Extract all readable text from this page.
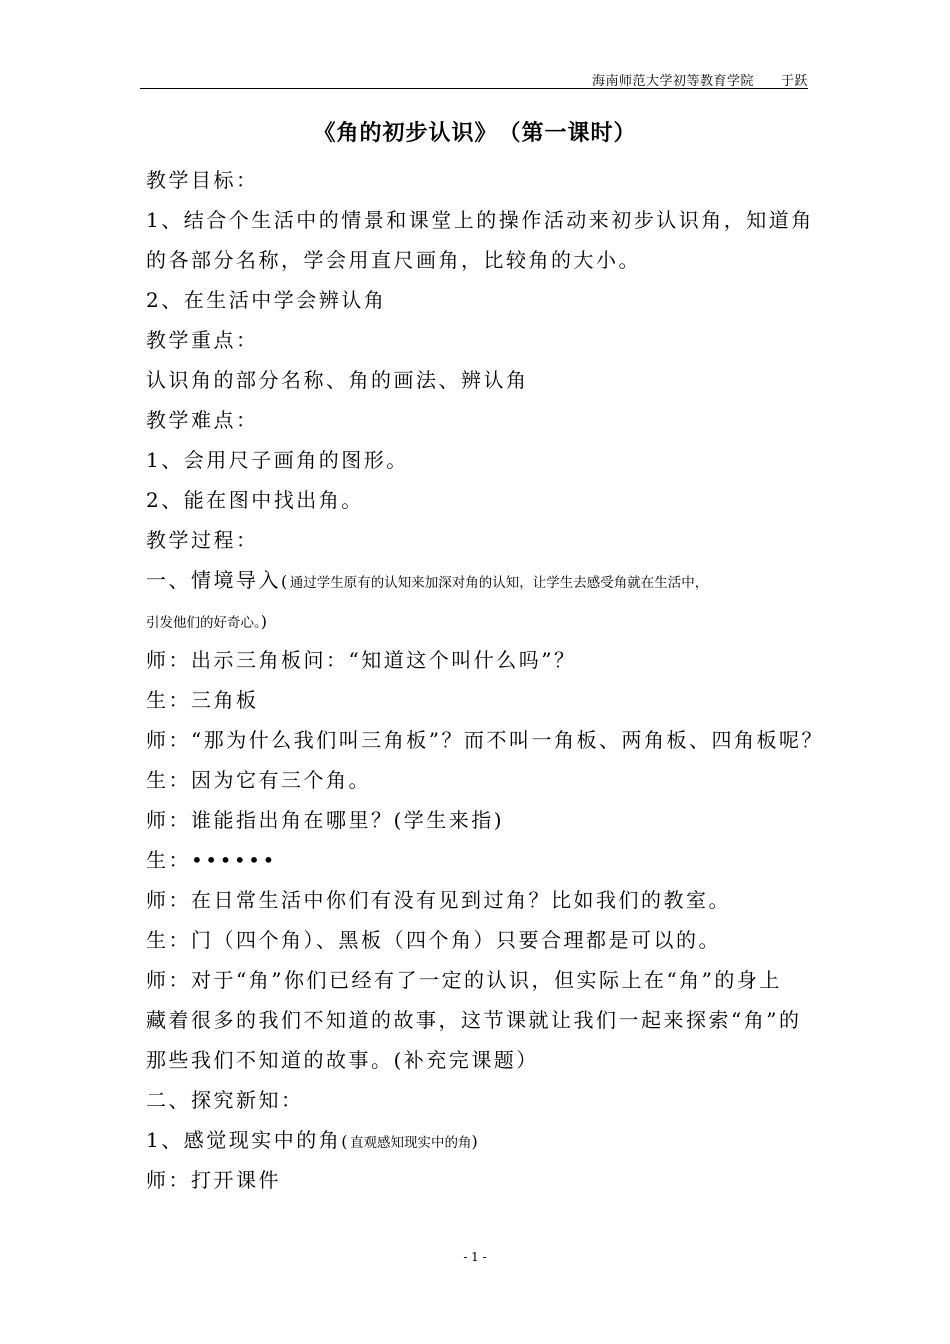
海南师范大学初等教育学院　　于跃
《角的初步认识》　（第一课时）
教学目标：
1、结合个生活中的情景和课堂上的操作活动来初步认识角，知道角
的各部分名称，学会用直尺画角，比较角的大小。
2、在生活中学会辨认角
教学重点：
认识角的部分名称、角的画法、辨认角
教学难点：
1、会用尺子画角的图形。
2、能在图中找出角。
教学过程：
一、情境导入(通过学生原有的认知来加深对角的认知，让学生去感受角就在生活中，
引发他们的好奇心。)
师：出示三角板问：“知道这个叫什么吗”？
生：三角板
师：“那为什么我们叫三角板”？而不叫一角板、两角板、四角板呢？
生：因为它有三个角。
师：谁能指出角在哪里？(学生来指)
生：••••••
师：在日常生活中你们有没有见到过角？比如我们的教室。
生：门（四个角）、黑板（四个角）只要合理都是可以的。
师：对于“角”你们已经有了一定的认识，但实际上在“角”的身上
藏着很多的我们不知道的故事，这节课就让我们一起来探索“角”的
那些我们不知道的故事。(补充完课题）
二、探究新知：
1、感觉现实中的角(直观感知现实中的角)
师：打开课件
- 1 -
